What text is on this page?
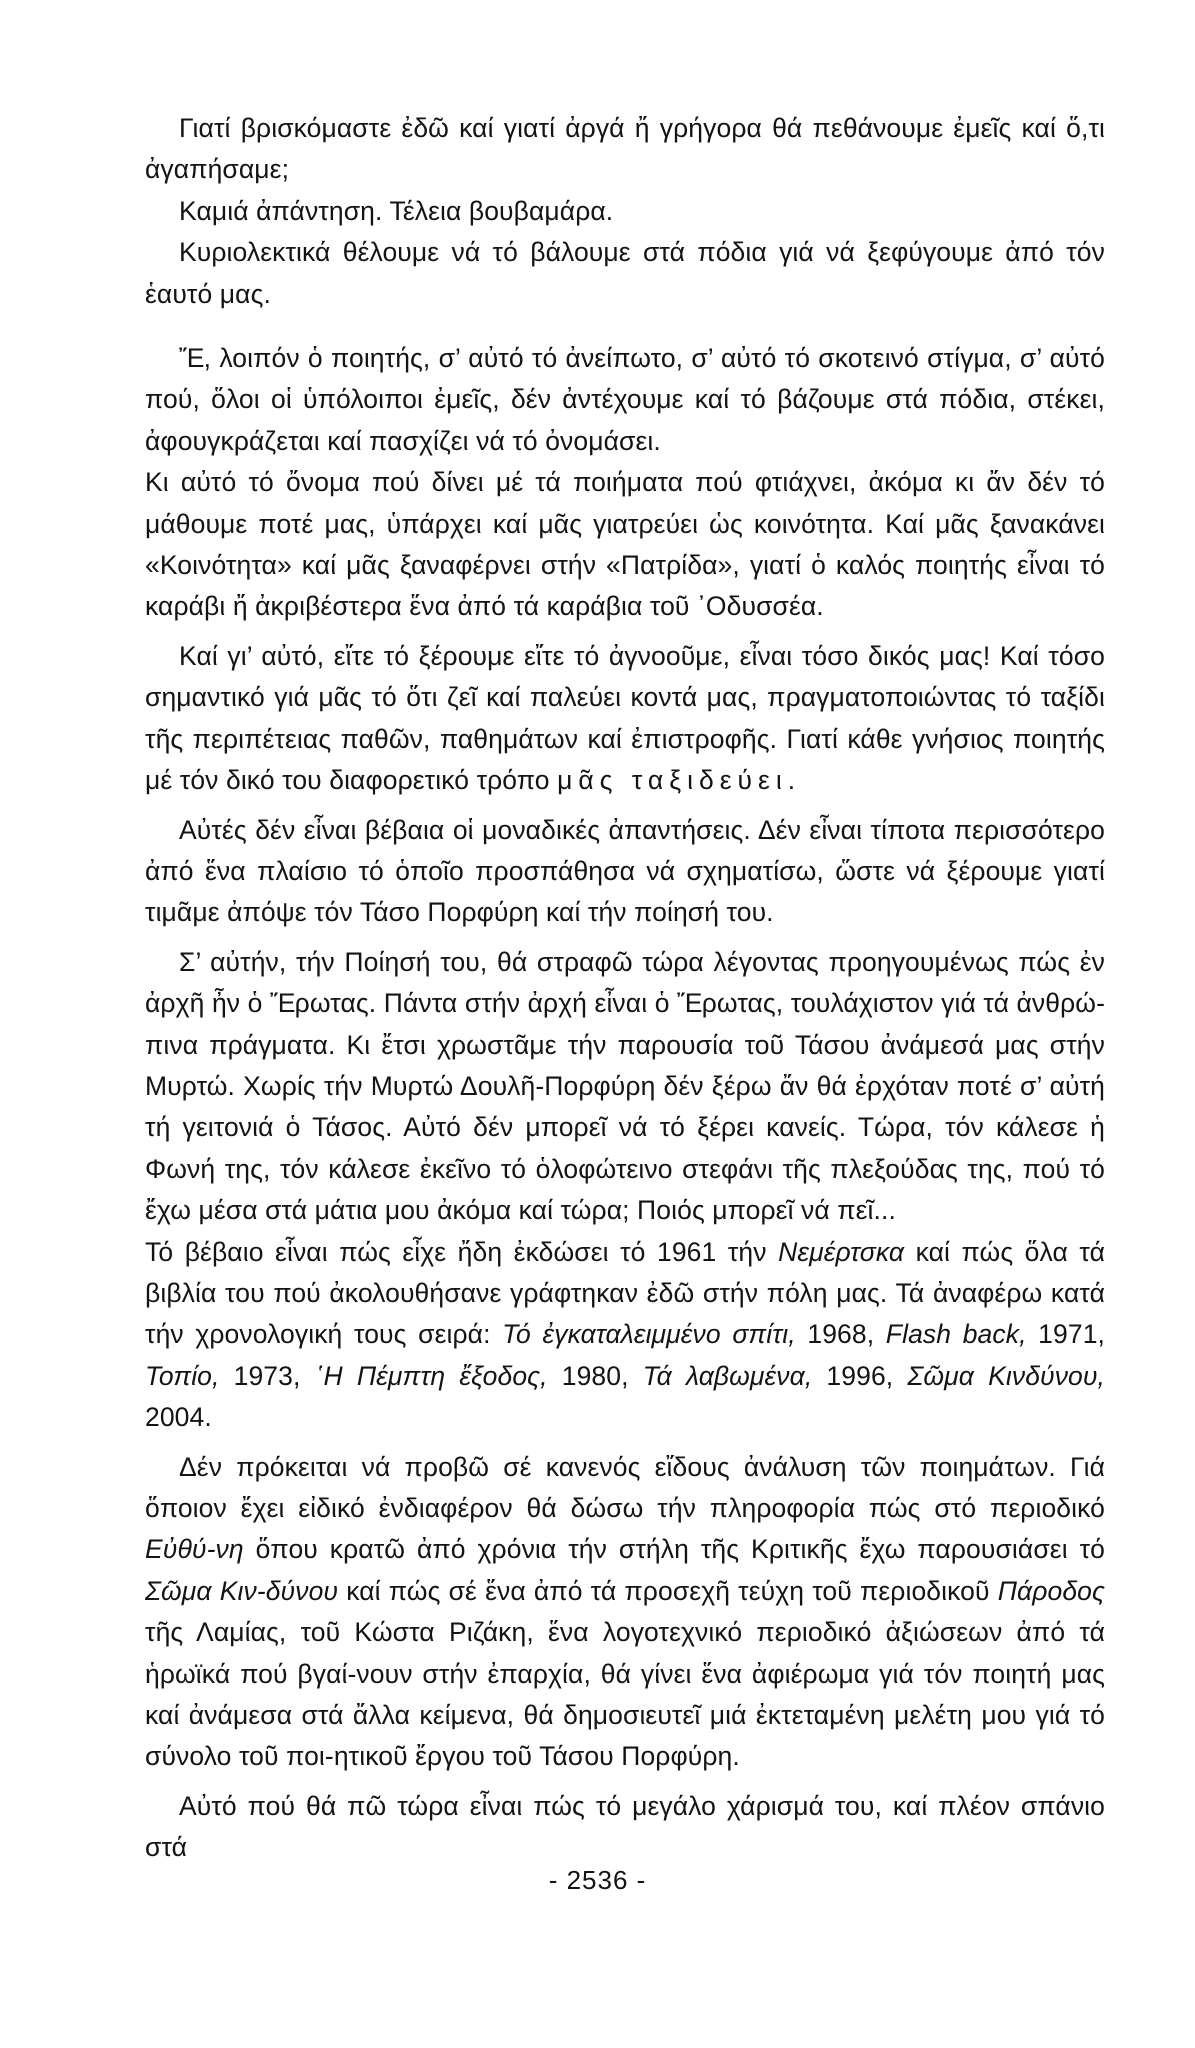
Γιατί βρισκόμαστε ἐδῶ καί γιατί ἀργά ἤ γρήγορα θά πεθάνουμε ἐμεῖς καί ὅ,τι ἀγαπήσαμε;

Καμιά ἀπάντηση. Τέλεια βουβαμάρα.

Κυριολεκτικά θέλουμε νά τό βάλουμε στά πόδια γιά νά ξεφύγουμε ἀπό τόν ἑαυτό μας.

Ἔ, λοιπόν ὁ ποιητής, σ’ αὐτό τό ἀνείπωτο, σ’ αὐτό τό σκοτεινό στίγμα, σ’ αὐτό πού, ὅλοι οἱ ὑπόλοιποι ἐμεῖς, δέν ἀντέχουμε καί τό βάζουμε στά πόδια, στέκει, ἀφουγκράζεται καί πασχίζει νά τό ὀνομάσει.

Κι αὐτό τό ὄνομα πού δίνει μέ τά ποιήματα πού φτιάχνει, ἀκόμα κι ἄν δέν τό μάθουμε ποτέ μας, ὑπάρχει καί μᾶς γιατρεύει ὡς κοινότητα. Καί μᾶς ξανακάνει «Κοινότητα» καί μᾶς ξαναφέρνει στήν «Πατρίδα», γιατί ὁ καλός ποιητής εἶναι τό καράβι ἤ ἀκριβέστερα ἕνα ἀπό τά καράβια τοῦ ᾿Οδυσσέα.

Καί γι’ αὐτό, εἴτε τό ξέρουμε εἴτε τό ἀγνοοῦμε, εἶναι τόσο δικός μας! Καί τόσο σημαντικό γιά μᾶς τό ὅτι ζεῖ καί παλεύει κοντά μας, πραγματοποιώντας τό ταξίδι τῆς περιπέτειας παθῶν, παθημάτων καί ἐπιστροφῆς. Γιατί κάθε γνήσιος ποιητής μέ τόν δικό του διαφορετικό τρόπο μᾶς ταξιδεύει.

Αὐτές δέν εἶναι βέβαια οἱ μοναδικές ἀπαντήσεις. Δέν εἶναι τίποτα περισσότερο ἀπό ἕνα πλαίσιο τό ὁποῖο προσπάθησα νά σχηματίσω, ὥστε νά ξέρουμε γιατί τιμᾶμε ἀπόψε τόν Τάσο Πορφύρη καί τήν ποίησή του.

Σ’ αὐτήν, τήν Ποίησή του, θά στραφῶ τώρα λέγοντας προηγουμένως πώς ἐν ἀρχῆ ἦν ὁ Ἔρωτας. Πάντα στήν ἀρχή εἶναι ὁ Ἔρωτας, τουλάχιστον γιά τά ἀνθρώ-πινα πράγματα. Κι ἔτσι χρωστᾶμε τήν παρουσία τοῦ Τάσου ἀνάμεσά μας στήν Μυρτώ. Χωρίς τήν Μυρτώ Δουλῆ-Πορφύρη δέν ξέρω ἄν θά ἐρχόταν ποτέ σ’ αὐτή τή γειτονιά ὁ Τάσος. Αὐτό δέν μπορεῖ νά τό ξέρει κανείς. Τώρα, τόν κάλεσε ἡ Φωνή της, τόν κάλεσε ἐκεῖνο τό ὁλοφώτεινο στεφάνι τῆς πλεξούδας της, πού τό ἔχω μέσα στά μάτια μου ἀκόμα καί τώρα; Ποιός μπορεῖ νά πεῖ...

Τό βέβαιο εἶναι πώς εἶχε ἤδη ἐκδώσει τό 1961 τήν Νεμέρτσκα καί πώς ὅλα τά βιβλία του πού ἀκολουθήσανε γράφτηκαν ἐδῶ στήν πόλη μας. Τά ἀναφέρω κατά τήν χρονολογική τους σειρά: Τό ἐγκαταλειμμένο σπίτι, 1968, Flash back, 1971, Τοπίο, 1973, ῾Η Πέμπτη ἔξοδος, 1980, Τά λαβωμένα, 1996, Σῶμα Κινδύνου, 2004.

Δέν πρόκειται νά προβῶ σέ κανενός εἴδους ἀνάλυση τῶν ποιημάτων. Γιά ὅποιον ἔχει εἰδικό ἐνδιαφέρον θά δώσω τήν πληροφορία πώς στό περιοδικό Εὐθύ-νη ὅπου κρατῶ ἀπό χρόνια τήν στήλη τῆς Κριτικῆς ἔχω παρουσιάσει τό Σῶμα Κιν-δύνου καί πώς σέ ἕνα ἀπό τά προσεχῆ τεύχη τοῦ περιοδικοῦ Πάροδος τῆς Λαμίας, τοῦ Κώστα Ριζάκη, ἕνα λογοτεχνικό περιοδικό ἀξιώσεων ἀπό τά ἡρωϊκά πού βγαί-νουν στήν ἐπαρχία, θά γίνει ἕνα ἀφιέρωμα γιά τόν ποιητή μας καί ἀνάμεσα στά ἄλλα κείμενα, θά δημοσιευτεῖ μιά ἐκτεταμένη μελέτη μου γιά τό σύνολο τοῦ ποι-ητικοῦ ἔργου τοῦ Τάσου Πορφύρη.

Αὐτό πού θά πῶ τώρα εἶναι πώς τό μεγάλο χάρισμά του, καί πλέον σπάνιο στά

- 2536 -
